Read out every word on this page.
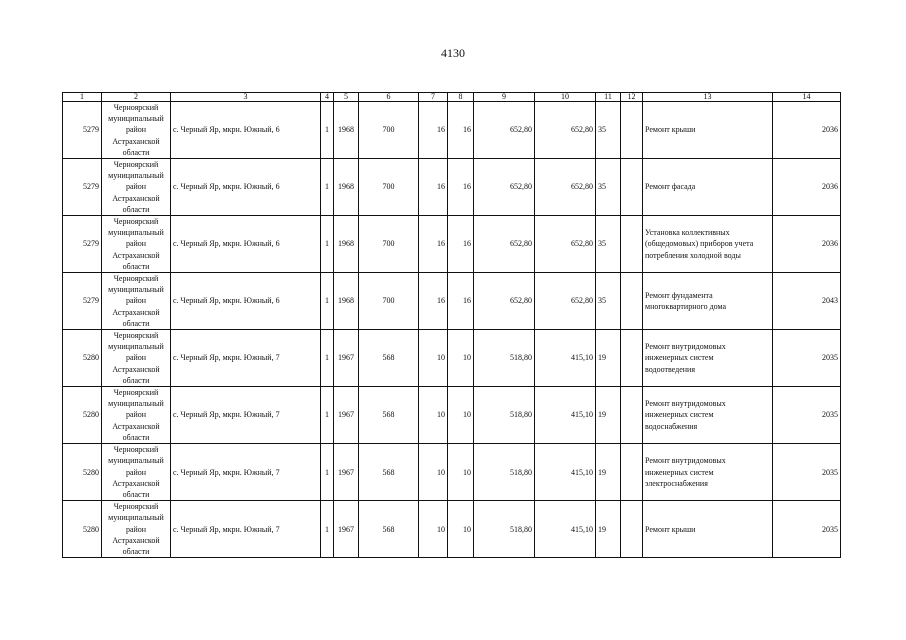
4130
1	2	3	4	5	6	7	8	9	10	11	12	13	14
5279	Черноярский
муниципальный
район
Астраханской
области	с. Черный Яр, мкрн. Южный, 6	1	1968	700	16	16	652,80	652,80	35		Ремонт крыши	2036
5279	Черноярский
муниципальный
район
Астраханской
области	с. Черный Яр, мкрн. Южный, 6	1	1968	700	16	16	652,80	652,80	35		Ремонт фасада	2036
5279	Черноярский
муниципальный
район
Астраханской
области	с. Черный Яр, мкрн. Южный, 6	1	1968	700	16	16	652,80	652,80	35		Установка коллективных
(общедомовых) приборов учета
потребления холодной воды	2036
5279	Черноярский
муниципальный
район
Астраханской
области	с. Черный Яр, мкрн. Южный, 6	1	1968	700	16	16	652,80	652,80	35		Ремонт фундамента
многоквартирного дома	2043
5280	Черноярский
муниципальный
район
Астраханской
области	с. Черный Яр, мкрн. Южный, 7	1	1967	568	10	10	518,80	415,10	19		Ремонт внутридомовых
инженерных систем
водоотведения	2035
5280	Черноярский
муниципальный
район
Астраханской
области	с. Черный Яр, мкрн. Южный, 7	1	1967	568	10	10	518,80	415,10	19		Ремонт внутридомовых
инженерных систем
водоснабжения	2035
5280	Черноярский
муниципальный
район
Астраханской
области	с. Черный Яр, мкрн. Южный, 7	1	1967	568	10	10	518,80	415,10	19		Ремонт внутридомовых
инженерных систем
электроснабжения	2035
5280	Черноярский
муниципальный
район
Астраханской
области	с. Черный Яр, мкрн. Южный, 7	1	1967	568	10	10	518,80	415,10	19		Ремонт крыши	2035
